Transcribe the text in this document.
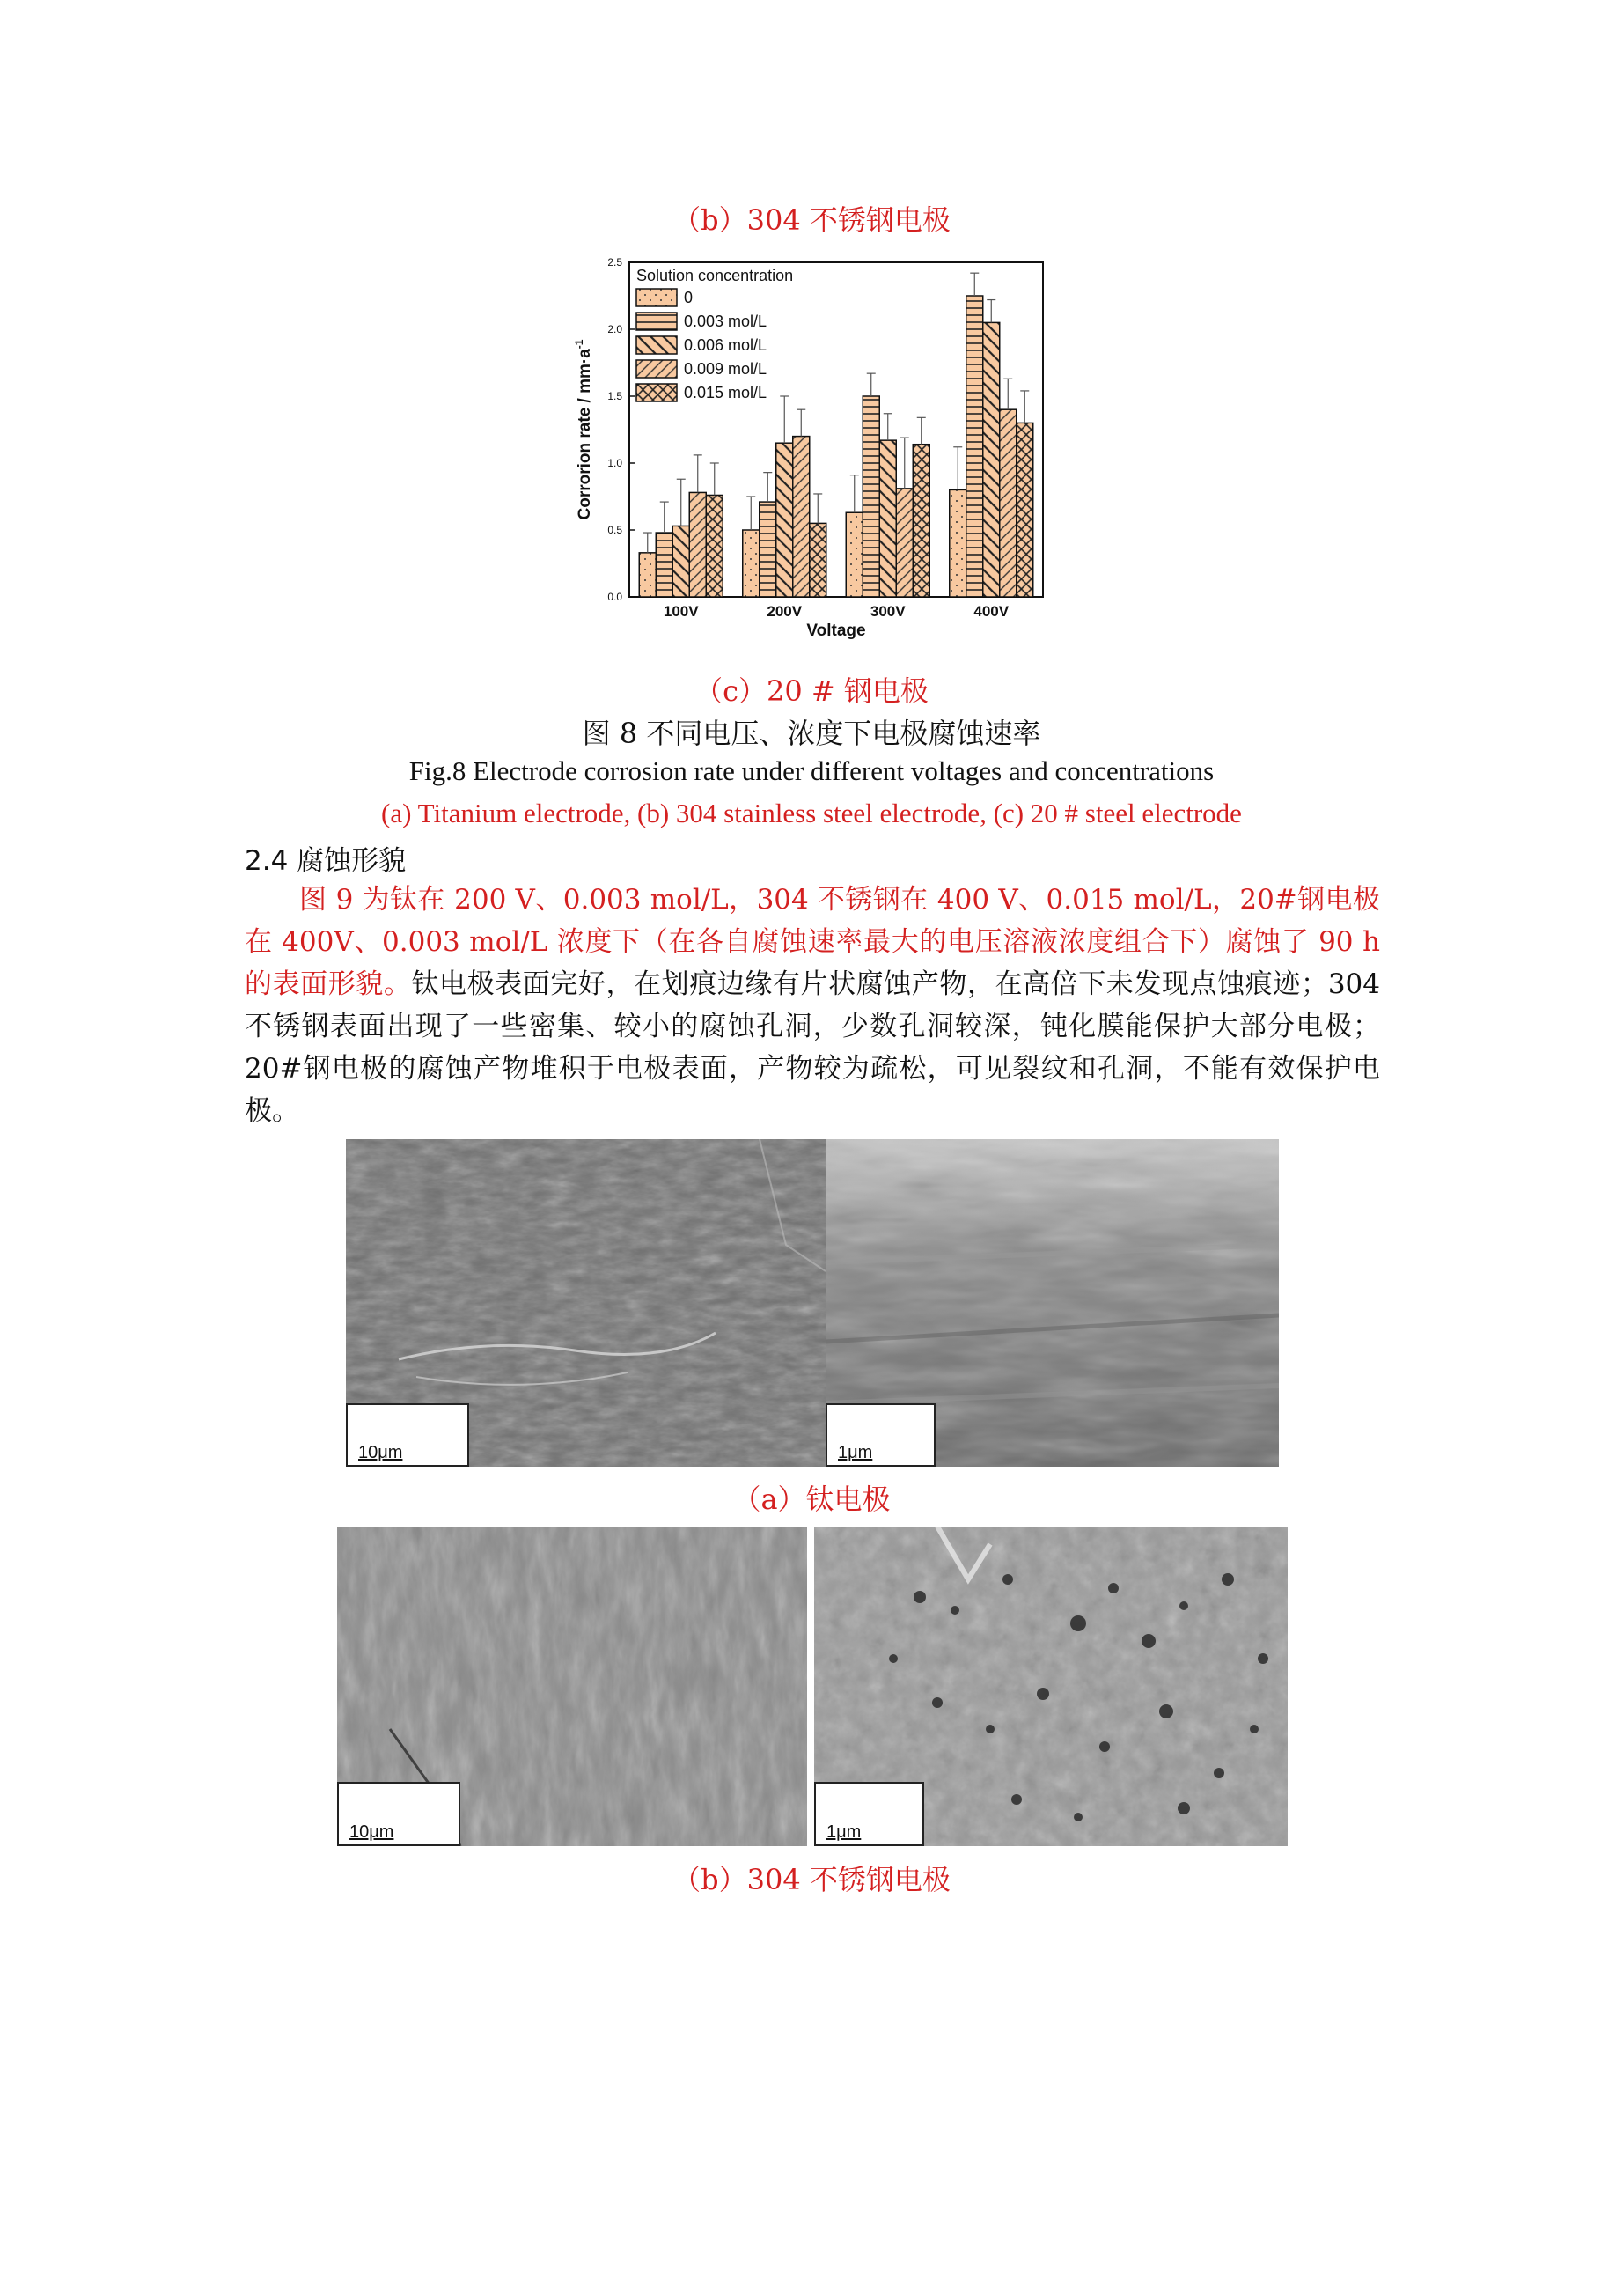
（b）304 不锈钢电极
0.0
0.5
1.0
1.5
2.0
2.5
Corrorion rate / $mm\cdot a^{-1}$
100V	200V	300V	400V
Voltage
Solution concentration
0
0.003 mol/L
0.006 mol/L
0.009 mol/L
0.015 mol/L
（c）20 # 钢电极
图 8 不同电压、浓度下电极腐蚀速率
Fig.8 Electrode corrosion rate under different voltages and concentrations
(a) Titanium electrode, (b) 304 stainless steel electrode, (c) 20 # steel electrode
2.4 腐蚀形貌
图 9 为钛在 200 V、0.003 mol/L，304 不锈钢在 400 V、0.015 mol/L，20#钢电极在 400V、0.003 mol/L 浓度下（在各自腐蚀速率最大的电压溶液浓度组合下）腐蚀了 90 h 的表面形貌。钛电极表面完好，在划痕边缘有片状腐蚀产物，在高倍下未发现点蚀痕迹；304 不锈钢表面出现了一些密集、较小的腐蚀孔洞，少数孔洞较深，钝化膜能保护大部分电极；20#钢电极的腐蚀产物堆积于电极表面，产物较为疏松，可见裂纹和孔洞，不能有效保护电极。
10μm	1μm
（a）钛电极
10μm	1μm
（b）304 不锈钢电极
